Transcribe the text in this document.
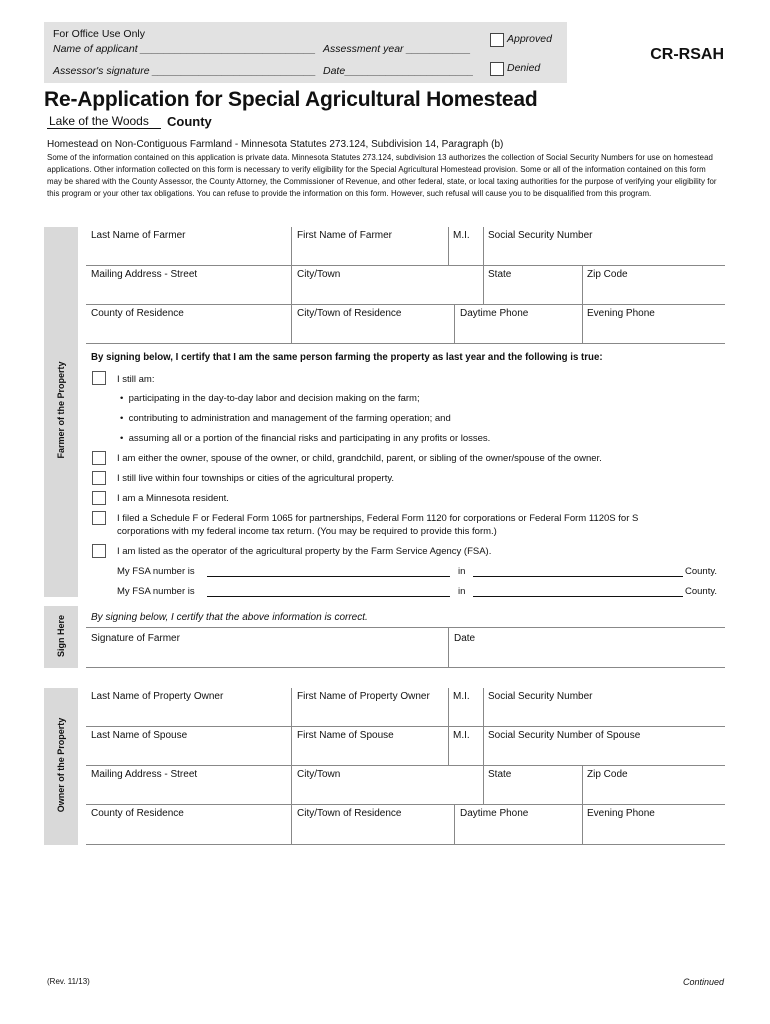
For Office Use Only
Name of applicant ______________________________ Assessment year ___________
Assessor's signature ____________________________ Date______________________
Approved
Denied
CR-RSAH
Re-Application for Special Agricultural Homestead
Lake of the Woods
County
Homestead on Non-Contiguous Farmland - Minnesota Statutes 273.124, Subdivision 14, Paragraph (b)
Some of the information contained on this application is private data. Minnesota Statutes 273.124, subdivision 13 authorizes the collection of Social Security Numbers for use on homestead applications. Other information collected on this form is necessary to verify eligibility for the Special Agricultural Homestead provision. Some or all of the information contained on this form may be shared with the County Assessor, the County Attorney, the Commissioner of Revenue, and other federal, state, or local taxing authorities for the purpose of verifying your eligibility for this program or your other tax obligations. You can refuse to provide the information on this form. However, such refusal will cause you to be disqualified from this program.
Farmer of the Property
Last Name of Farmer	First Name of Farmer	M.I. Social Security Number
Mailing Address - Street	City/Town	State	Zip Code
County of Residence	City/Town of Residence	Daytime Phone	Evening Phone
By signing below, I certify that I am the same person farming the property as last year and the following is true:
I still am:
•  participating in the day-to-day labor and decision making on the farm;
•  contributing to administration and management of the farming operation; and
•  assuming all or a portion of the financial risks and participating in any profits or losses.
I am either the owner, spouse of the owner, or child, grandchild, parent, or sibling of the owner/spouse of the owner.
I still live within four townships or cities of the agricultural property.
I am a Minnesota resident.
I filed a Schedule F or Federal Form 1065 for partnerships, Federal Form 1120 for corporations or Federal Form 1120S for S
corporations with my federal income tax return. (You may be required to provide this form.)
I am listed as the operator of the agricultural property by the Farm Service Agency (FSA).
My FSA number is	in	County.
My FSA number is	in	County.
Sign Here	By signing below, I certify that the above information is correct.
Signature of Farmer	Date
Owner of the Property
Last Name of Property Owner	First Name of Property Owner M.I. Social Security Number
Last Name of Spouse	First Name of Spouse	M.I. Social Security Number of Spouse
Mailing Address - Street	City/Town	State	Zip Code
County of Residence	City/Town of Residence	Daytime Phone	Evening Phone
(Rev. 11/13)	Continued
